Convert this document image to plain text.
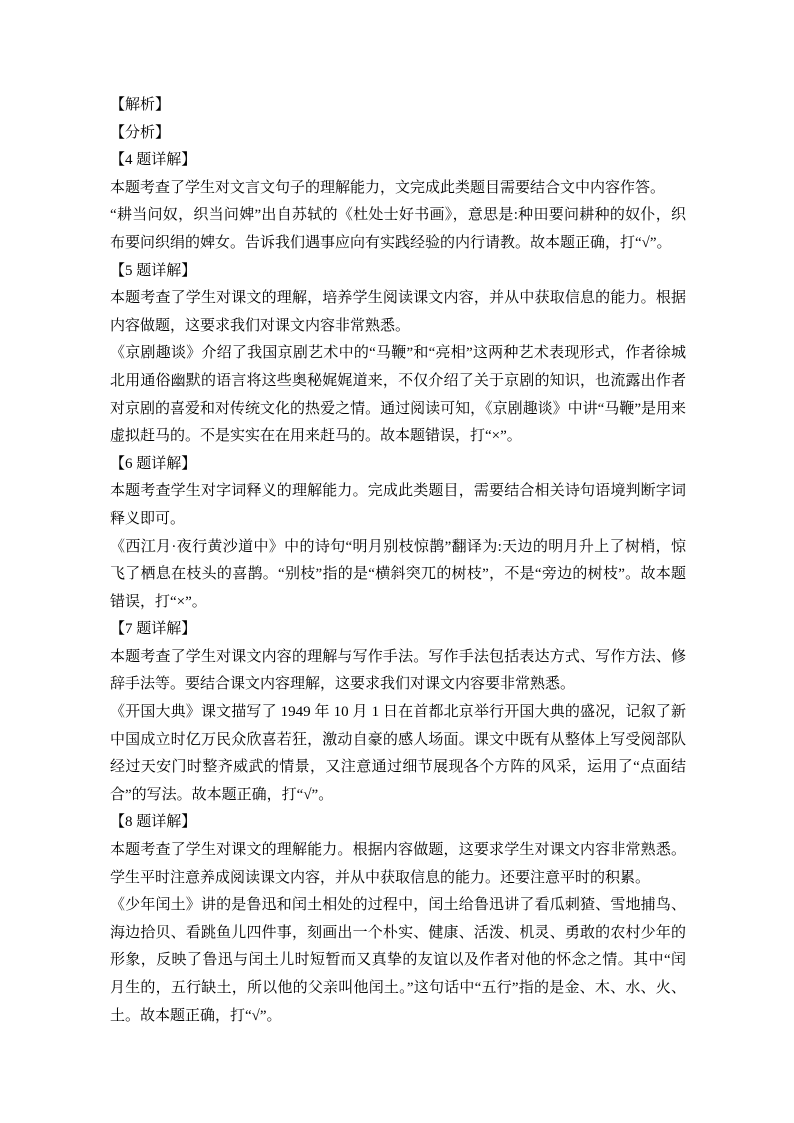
【解析】
【分析】
【4 题详解】

本题考查了学生对文言文句子的理解能力，文完成此类题目需要结合文中内容作答。

“耕当问奴，织当问婢”出自苏轼的《杜处士好书画》，意思是:种田要问耕种的奴仆，织布要问织绢的婢女。告诉我们遇事应向有实践经验的内行请教。故本题正确，打“√”。

【5 题详解】

本题考查了学生对课文的理解，培养学生阅读课文内容，并从中获取信息的能力。根据内容做题，这要求我们对课文内容非常熟悉。

《京剧趣谈》介绍了我国京剧艺术中的“马鞭”和“亮相”这两种艺术表现形式，作者徐城北用通俗幽默的语言将这些奥秘娓娓道来，不仅介绍了关于京剧的知识，也流露出作者对京剧的喜爱和对传统文化的热爱之情。通过阅读可知，《京剧趣谈》中讲“马鞭”是用来虚拟赶马的。不是实实在在用来赶马的。故本题错误，打“×”。

【6 题详解】

本题考查学生对字词释义的理解能力。完成此类题目，需要结合相关诗句语境判断字词释义即可。

《西江月·夜行黄沙道中》中的诗句“明月别枝惊鹊”翻译为:天边的明月升上了树梢，惊飞了栖息在枝头的喜鹊。“别枝”指的是“横斜突兀的树枝”，不是“旁边的树枝”。故本题错误，打“×”。

【7 题详解】

本题考查了学生对课文内容的理解与写作手法。写作手法包括表达方式、写作方法、修辞手法等。要结合课文内容理解，这要求我们对课文内容要非常熟悉。

《开国大典》课文描写了 1949 年 10 月 1 日在首都北京举行开国大典的盛况，记叙了新中国成立时亿万民众欣喜若狂，激动自豪的感人场面。课文中既有从整体上写受阅部队经过天安门时整齐威武的情景，又注意通过细节展现各个方阵的风采，运用了“点面结合”的写法。故本题正确，打“√”。

【8 题详解】

本题考查了学生对课文的理解能力。根据内容做题，这要求学生对课文内容非常熟悉。学生平时注意养成阅读课文内容，并从中获取信息的能力。还要注意平时的积累。

《少年闰土》讲的是鲁迅和闰土相处的过程中，闰土给鲁迅讲了看瓜刺猹、雪地捕鸟、海边拾贝、看跳鱼儿四件事，刻画出一个朴实、健康、活泼、机灵、勇敢的农村少年的形象，反映了鲁迅与闰土儿时短暂而又真挚的友谊以及作者对他的怀念之情。其中“闰月生的，五行缺土，所以他的父亲叫他闰土。”这句话中“五行”指的是金、木、水、火、土。故本题正确，打“√”。
